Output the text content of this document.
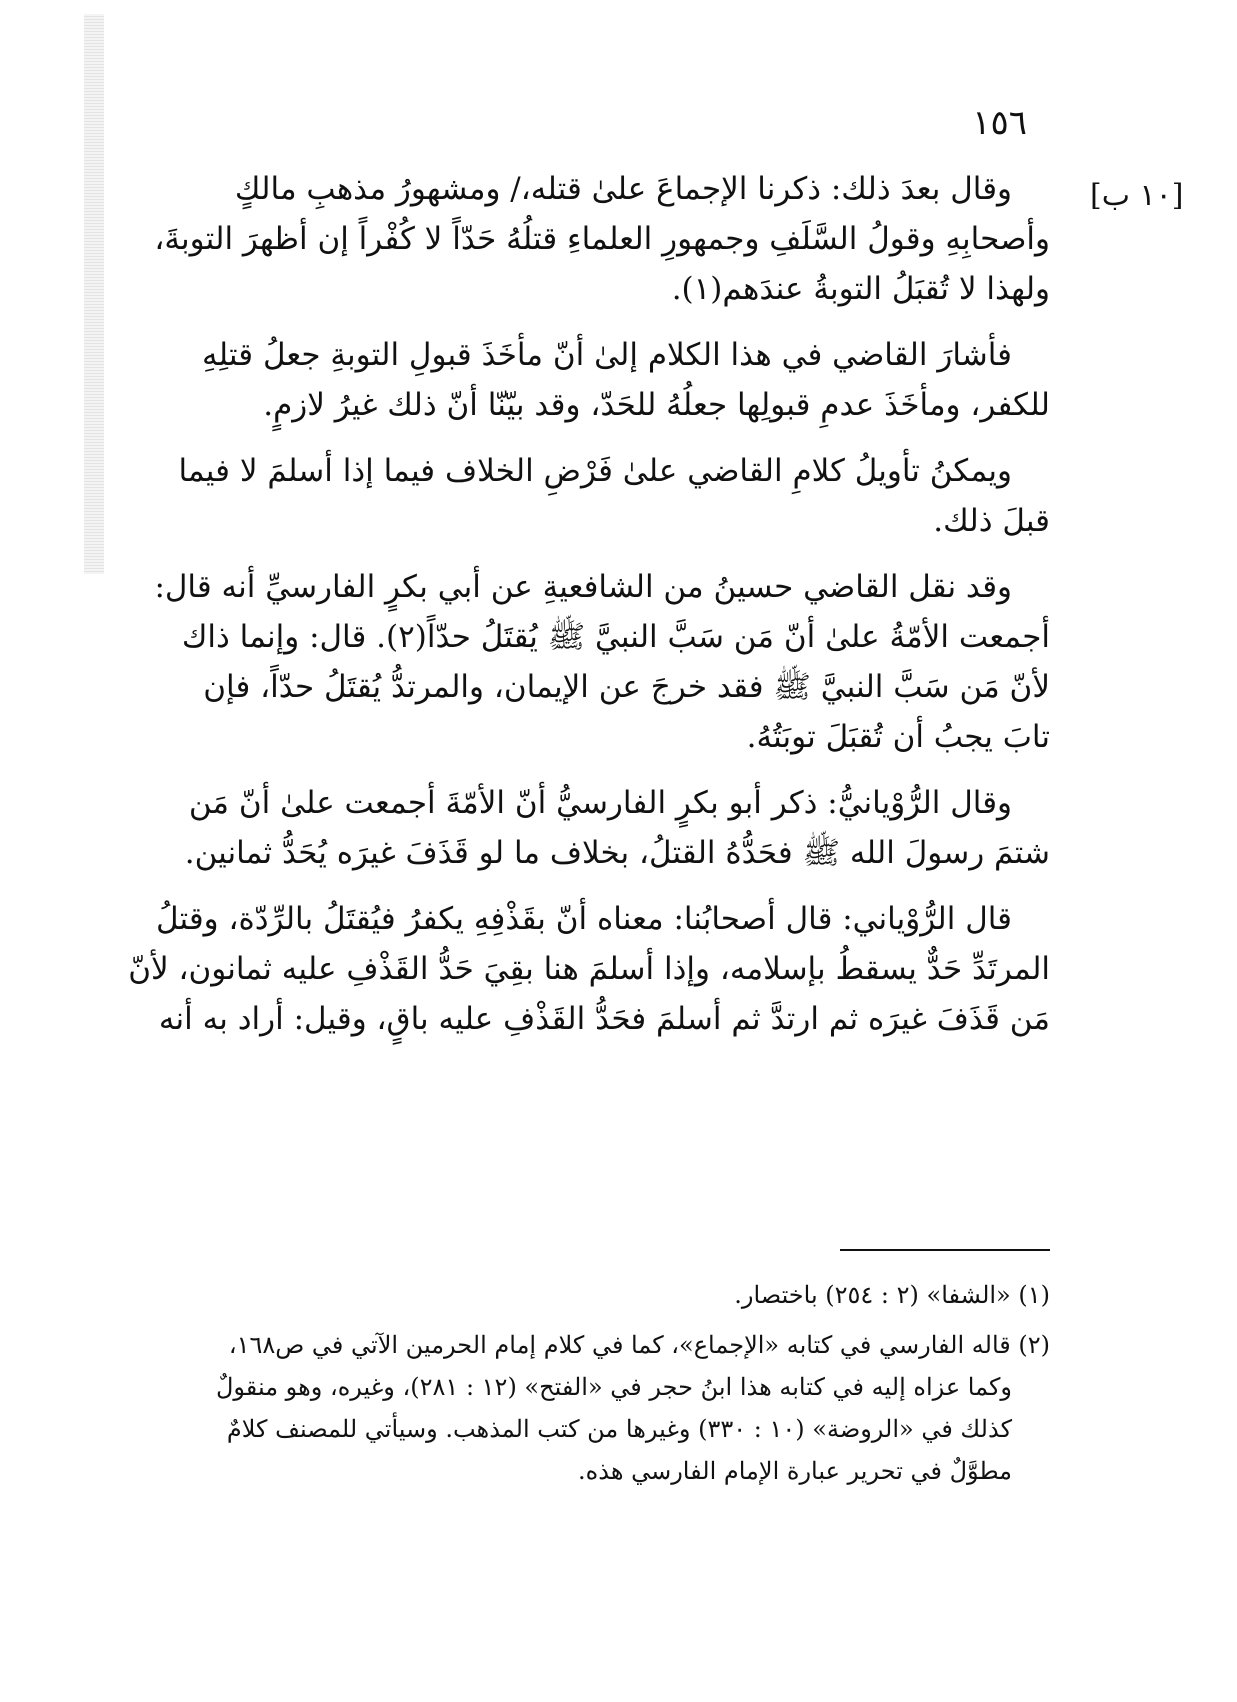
١٥٦
[١٠ ب]
وقال بعدَ ذلك: ذكرنا الإجماعَ علىٰ قتله،/ ومشهورُ مذهبِ مالكٍ
وأصحابِهِ وقولُ السَّلَفِ وجمهورِ العلماءِ قتلُهُ حَدّاً لا كُفْراً إن أظهرَ التوبةَ،
ولهذا لا تُقبَلُ التوبةُ عندَهم(١).
فأشارَ القاضي في هذا الكلام إلىٰ أنّ مأخَذَ قبولِ التوبةِ جعلُ قتلِهِ
للكفر، ومأخَذَ عدمِ قبولِها جعلُهُ للحَدّ، وقد بيّنّا أنّ ذلك غيرُ لازمٍ.
ويمكنُ تأويلُ كلامِ القاضي علىٰ فَرْضِ الخلاف فيما إذا أسلمَ لا فيما
قبلَ ذلك.
وقد نقل القاضي حسينُ من الشافعيةِ عن أبي بكرٍ الفارسيِّ أنه قال:
أجمعت الأمّةُ علىٰ أنّ مَن سَبَّ النبيَّ ﷺ يُقتَلُ حدّاً(٢). قال: وإنما ذاك
لأنّ مَن سَبَّ النبيَّ ﷺ فقد خرجَ عن الإيمان، والمرتدُّ يُقتَلُ حدّاً، فإن
تابَ يجبُ أن تُقبَلَ توبَتُهُ.
وقال الرُّوْيانيُّ: ذكر أبو بكرٍ الفارسيُّ أنّ الأمّةَ أجمعت علىٰ أنّ مَن
شتمَ رسولَ الله ﷺ فحَدُّهُ القتلُ، بخلاف ما لو قَذَفَ غيرَه يُحَدُّ ثمانين.
قال الرُّوْياني: قال أصحابُنا: معناه أنّ بقَذْفِهِ يكفرُ فيُقتَلُ بالرِّدّة، وقتلُ
المرتَدِّ حَدٌّ يسقطُ بإسلامه، وإذا أسلمَ هنا بقِيَ حَدُّ القَذْفِ عليه ثمانون، لأنّ
مَن قَذَفَ غيرَه ثم ارتدَّ ثم أسلمَ فحَدُّ القَذْفِ عليه باقٍ، وقيل: أراد به أنه
(١) «الشفا» (٢ : ٢٥٤) باختصار.
(٢) قاله الفارسي في كتابه «الإجماع»، كما في كلام إمام الحرمين الآتي في ص١٦٨،
وكما عزاه إليه في كتابه هذا ابنُ حجر في «الفتح» (١٢ : ٢٨١)، وغيره، وهو منقولٌ
كذلك في «الروضة» (١٠ : ٣٣٠) وغيرها من كتب المذهب. وسيأتي للمصنف كلامٌ
مطوَّلٌ في تحرير عبارة الإمام الفارسي هذه.
